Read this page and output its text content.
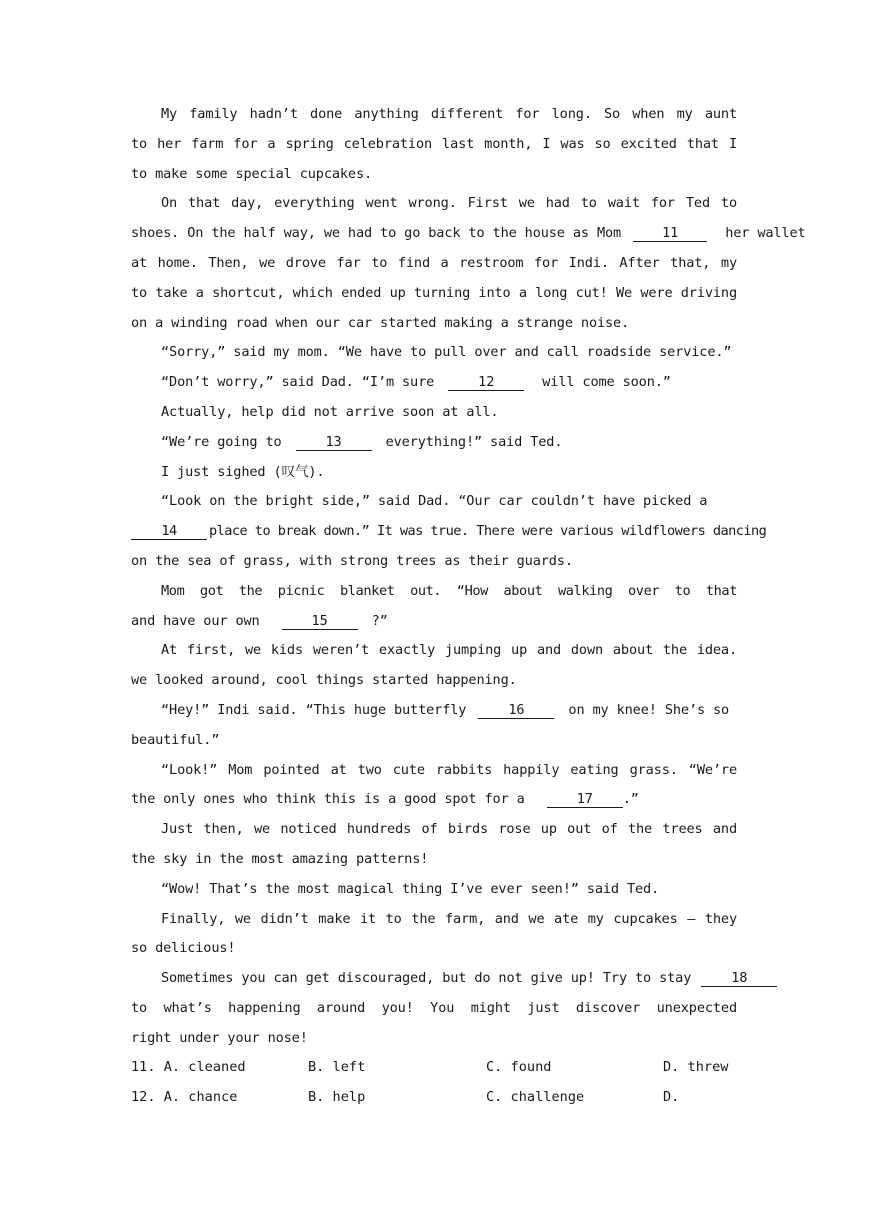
My family hadn’t done anything different for long. So when my aunt
to her farm for a spring celebration last month, I was so excited that I
to make some special cupcakes.
On that day, everything went wrong. First we had to wait for Ted to
shoes. On the half way, we had to go back to the house as Mom	11	her wallet
at home. Then, we drove far to find a restroom for Indi. After that, my
to take a shortcut, which ended up turning into a long cut! We were driving
on a winding road when our car started making a strange noise.
“Sorry,” said my mom. “We have to pull over and call roadside service.”
“Don’t worry,” said Dad. “I’m sure	12	will come soon.”
Actually, help did not arrive soon at all.
“We’re going to	13	everything!” said Ted.
I just sighed (叹气).
“Look on the bright side,” said Dad. “Our car couldn’t have picked a
14 place to break down.” It was true. There were various wildflowers dancing
on the sea of grass, with strong trees as their guards.
Mom got the picnic blanket out. “How about walking over to that
and have our own	15	?”
At first, we kids weren’t exactly jumping up and down about the idea.
we looked around, cool things started happening.
“Hey!” Indi said. “This huge butterfly	16	on my knee! She’s so
beautiful.”
“Look!” Mom pointed at two cute rabbits happily eating grass. “We’re
the only ones who think this is a good spot for a	17 .”
Just then, we noticed hundreds of birds rose up out of the trees and
the sky in the most amazing patterns!
“Wow! That’s the most magical thing I’ve ever seen!” said Ted.
Finally, we didn’t make it to the farm, and we ate my cupcakes — they
so delicious!
Sometimes you can get discouraged, but do not give up! Try to stay	18
to what’s happening around you! You might just discover unexpected
right under your nose!
11. A. cleaned	B. left	C. found	D. threw
12. A. chance	B. help	C. challenge	D.
